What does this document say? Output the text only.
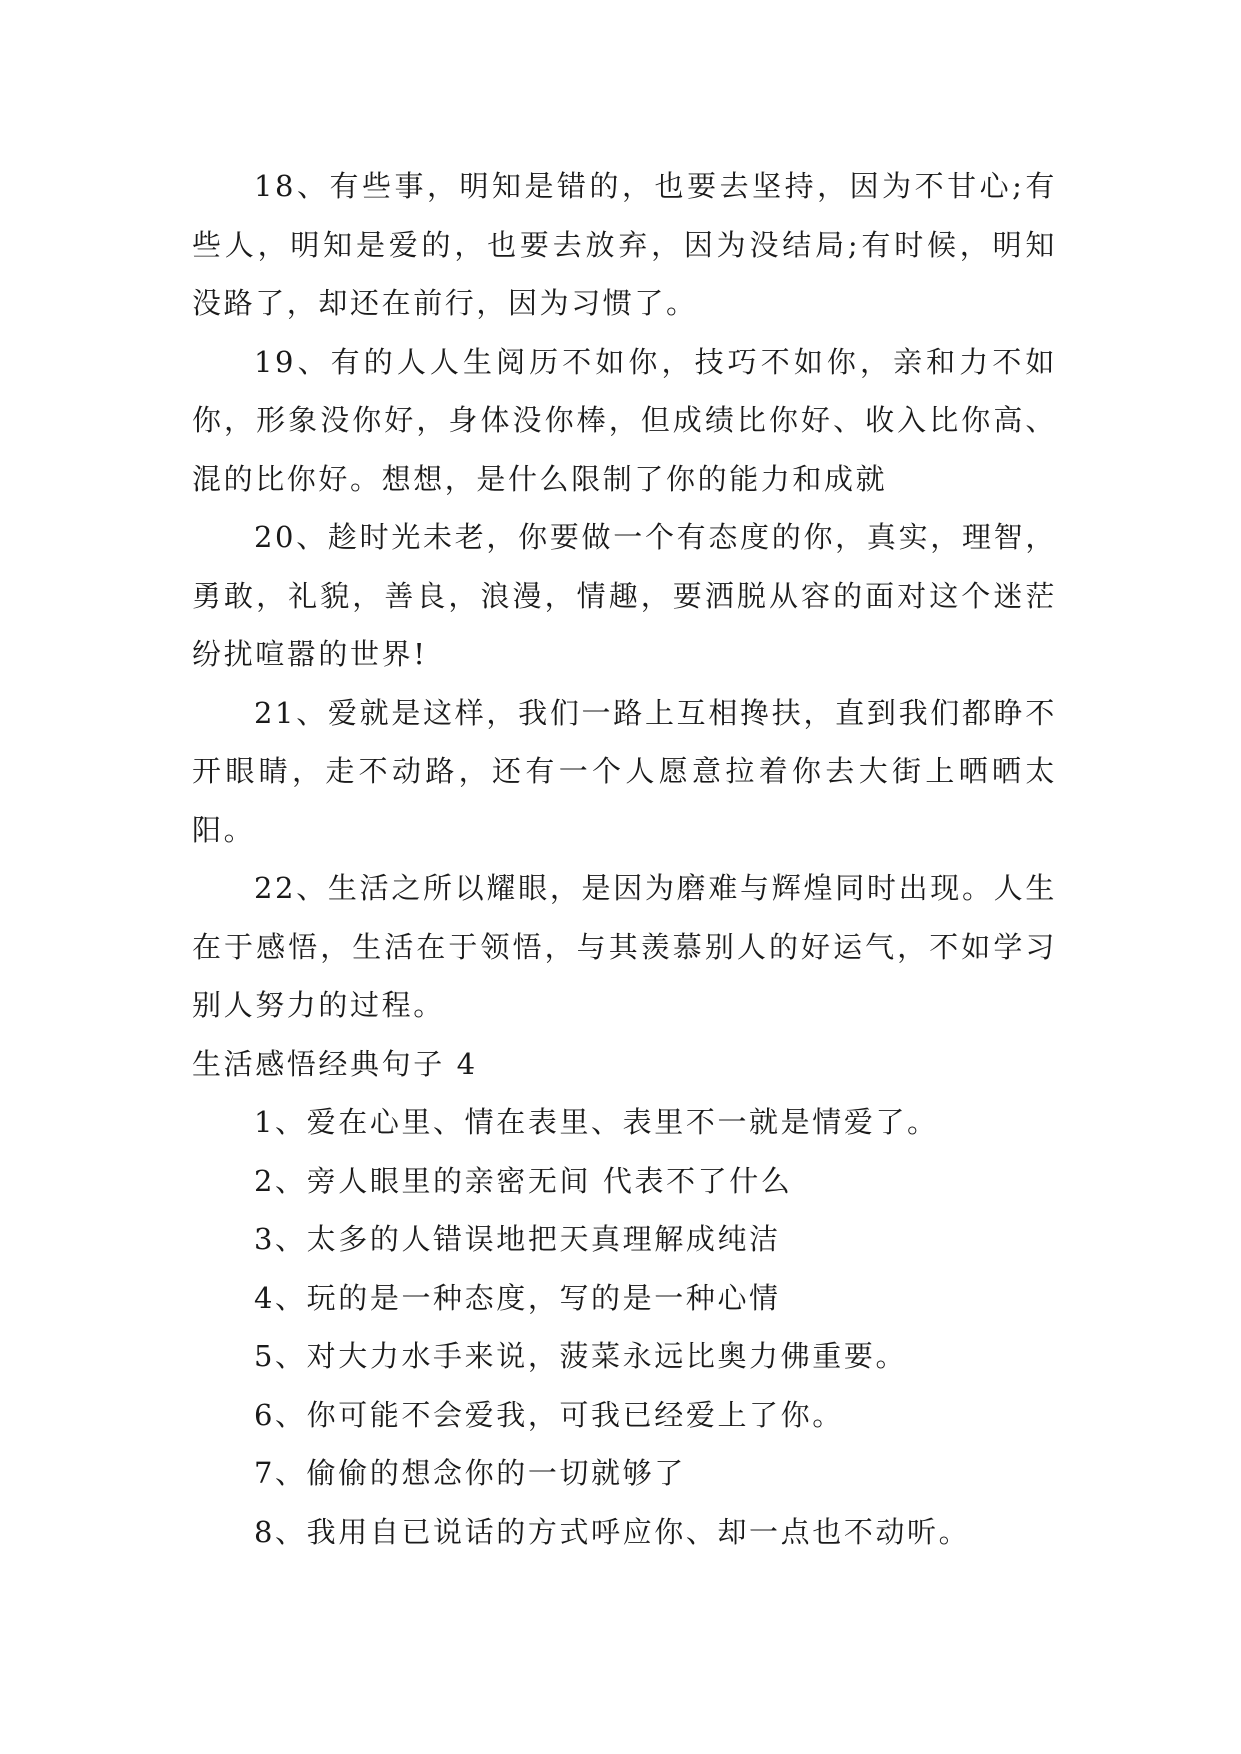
18、有些事，明知是错的，也要去坚持，因为不甘心;有些人，明知是爱的，也要去放弃，因为没结局;有时候，明知没路了，却还在前行，因为习惯了。

19、有的人人生阅历不如你，技巧不如你，亲和力不如你，形象没你好，身体没你棒，但成绩比你好、收入比你高、混的比你好。想想，是什么限制了你的能力和成就

20、趁时光未老，你要做一个有态度的你，真实，理智，勇敢，礼貌，善良，浪漫，情趣，要洒脱从容的面对这个迷茫纷扰喧嚣的世界!

21、爱就是这样，我们一路上互相搀扶，直到我们都睁不开眼睛，走不动路，还有一个人愿意拉着你去大街上晒晒太阳。

22、生活之所以耀眼，是因为磨难与辉煌同时出现。人生在于感悟，生活在于领悟，与其羡慕别人的好运气，不如学习别人努力的过程。

生活感悟经典句子 4

1、爱在心里、情在表里、表里不一就是情爱了。

2、旁人眼里的亲密无间 代表不了什么

3、太多的人错误地把天真理解成纯洁

4、玩的是一种态度，写的是一种心情

5、对大力水手来说，菠菜永远比奥力佛重要。

6、你可能不会爱我，可我已经爱上了你。

7、偷偷的想念你的一切就够了

8、我用自已说话的方式呼应你、却一点也不动听。
